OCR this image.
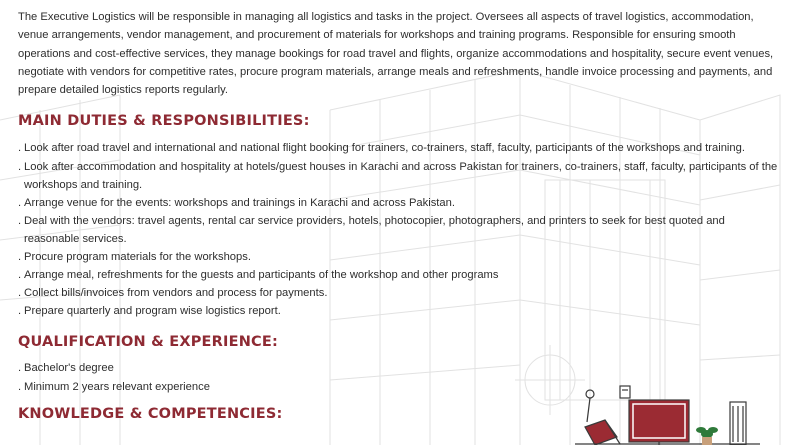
The Executive Logistics will be responsible in managing all logistics and tasks in the project. Oversees all aspects of travel logistics, accommodation, venue arrangements, vendor management, and procurement of materials for workshops and training programs. Responsible for ensuring smooth operations and cost-effective services, they manage bookings for road travel and flights, organize accommodations and hospitality, secure event venues, negotiate with vendors for competitive rates, procure program materials, arrange meals and refreshments, handle invoice processing and payments, and prepare detailed logistics reports regularly.

MAIN DUTIES & RESPONSIBILITIES:
. Look after road travel and international and national flight booking for trainers, co-trainers, staff, faculty, participants of the workshops and training.
. Look after accommodation and hospitality at hotels/guest houses in Karachi and across Pakistan for trainers, co-trainers, staff, faculty, participants of the workshops and training.
. Arrange venue for the events: workshops and trainings in Karachi and across Pakistan.
. Deal with the vendors: travel agents, rental car service providers, hotels, photocopier, photographers, and printers to seek for best quoted and reasonable services.
. Procure program materials for the workshops.
. Arrange meal, refreshments for the guests and participants of the workshop and other programs
. Collect bills/invoices from vendors and process for payments.
. Prepare quarterly and program wise logistics report.
QUALIFICATION & EXPERIENCE:
. Bachelor's degree
. Minimum 2 years relevant experience
KNOWLEDGE & COMPETENCIES:
